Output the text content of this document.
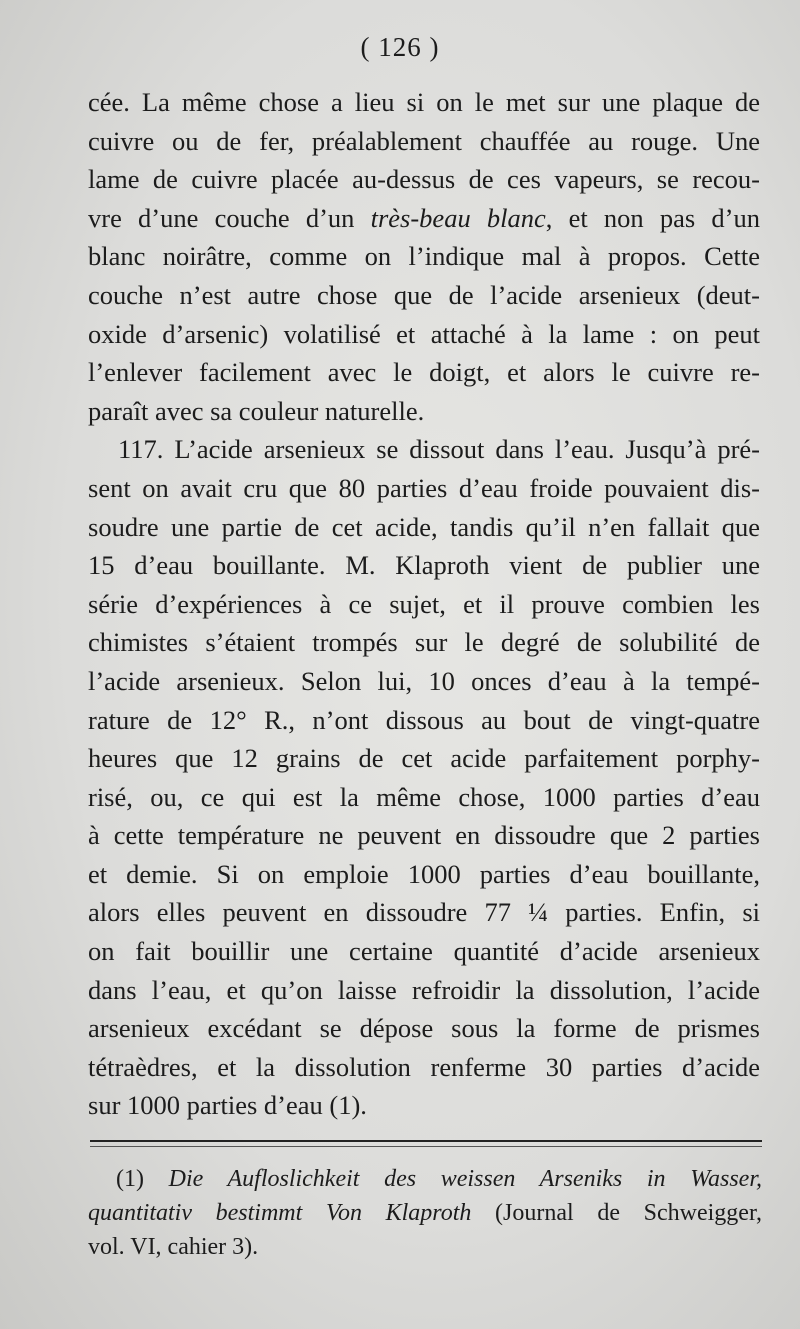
( 126 )
cée. La même chose a lieu si on le met sur une plaque de
cuivre ou de fer, préalablement chauffée au rouge. Une
lame de cuivre placée au-dessus de ces vapeurs, se recou-
vre d’une couche d’un très-beau blanc, et non pas d’un
blanc noirâtre, comme on l’indique mal à propos. Cette
couche n’est autre chose que de l’acide arsenieux (deut-
oxide d’arsenic) volatilisé et attaché à la lame : on peut
l’enlever facilement avec le doigt, et alors le cuivre re-
paraît avec sa couleur naturelle.
117. L’acide arsenieux se dissout dans l’eau. Jusqu’à pré-
sent on avait cru que 80 parties d’eau froide pouvaient dis-
soudre une partie de cet acide, tandis qu’il n’en fallait que
15 d’eau bouillante. M. Klaproth vient de publier une
série d’expériences à ce sujet, et il prouve combien les
chimistes s’étaient trompés sur le degré de solubilité de
l’acide arsenieux. Selon lui, 10 onces d’eau à la tempé-
rature de 12° R., n’ont dissous au bout de vingt-quatre
heures que 12 grains de cet acide parfaitement porphy-
risé, ou, ce qui est la même chose, 1000 parties d’eau
à cette température ne peuvent en dissoudre que 2 parties
et demie. Si on emploie 1000 parties d’eau bouillante,
alors elles peuvent en dissoudre 77 ¼ parties. Enfin, si
on fait bouillir une certaine quantité d’acide arsenieux
dans l’eau, et qu’on laisse refroidir la dissolution, l’acide
arsenieux excédant se dépose sous la forme de prismes
tétraèdres, et la dissolution renferme 30 parties d’acide
sur 1000 parties d’eau (1).
(1) Die Aufloslichkeit des weissen Arseniks in Wasser,
quantitativ bestimmt Von Klaproth (Journal de Schweigger,
vol. VI, cahier 3).
